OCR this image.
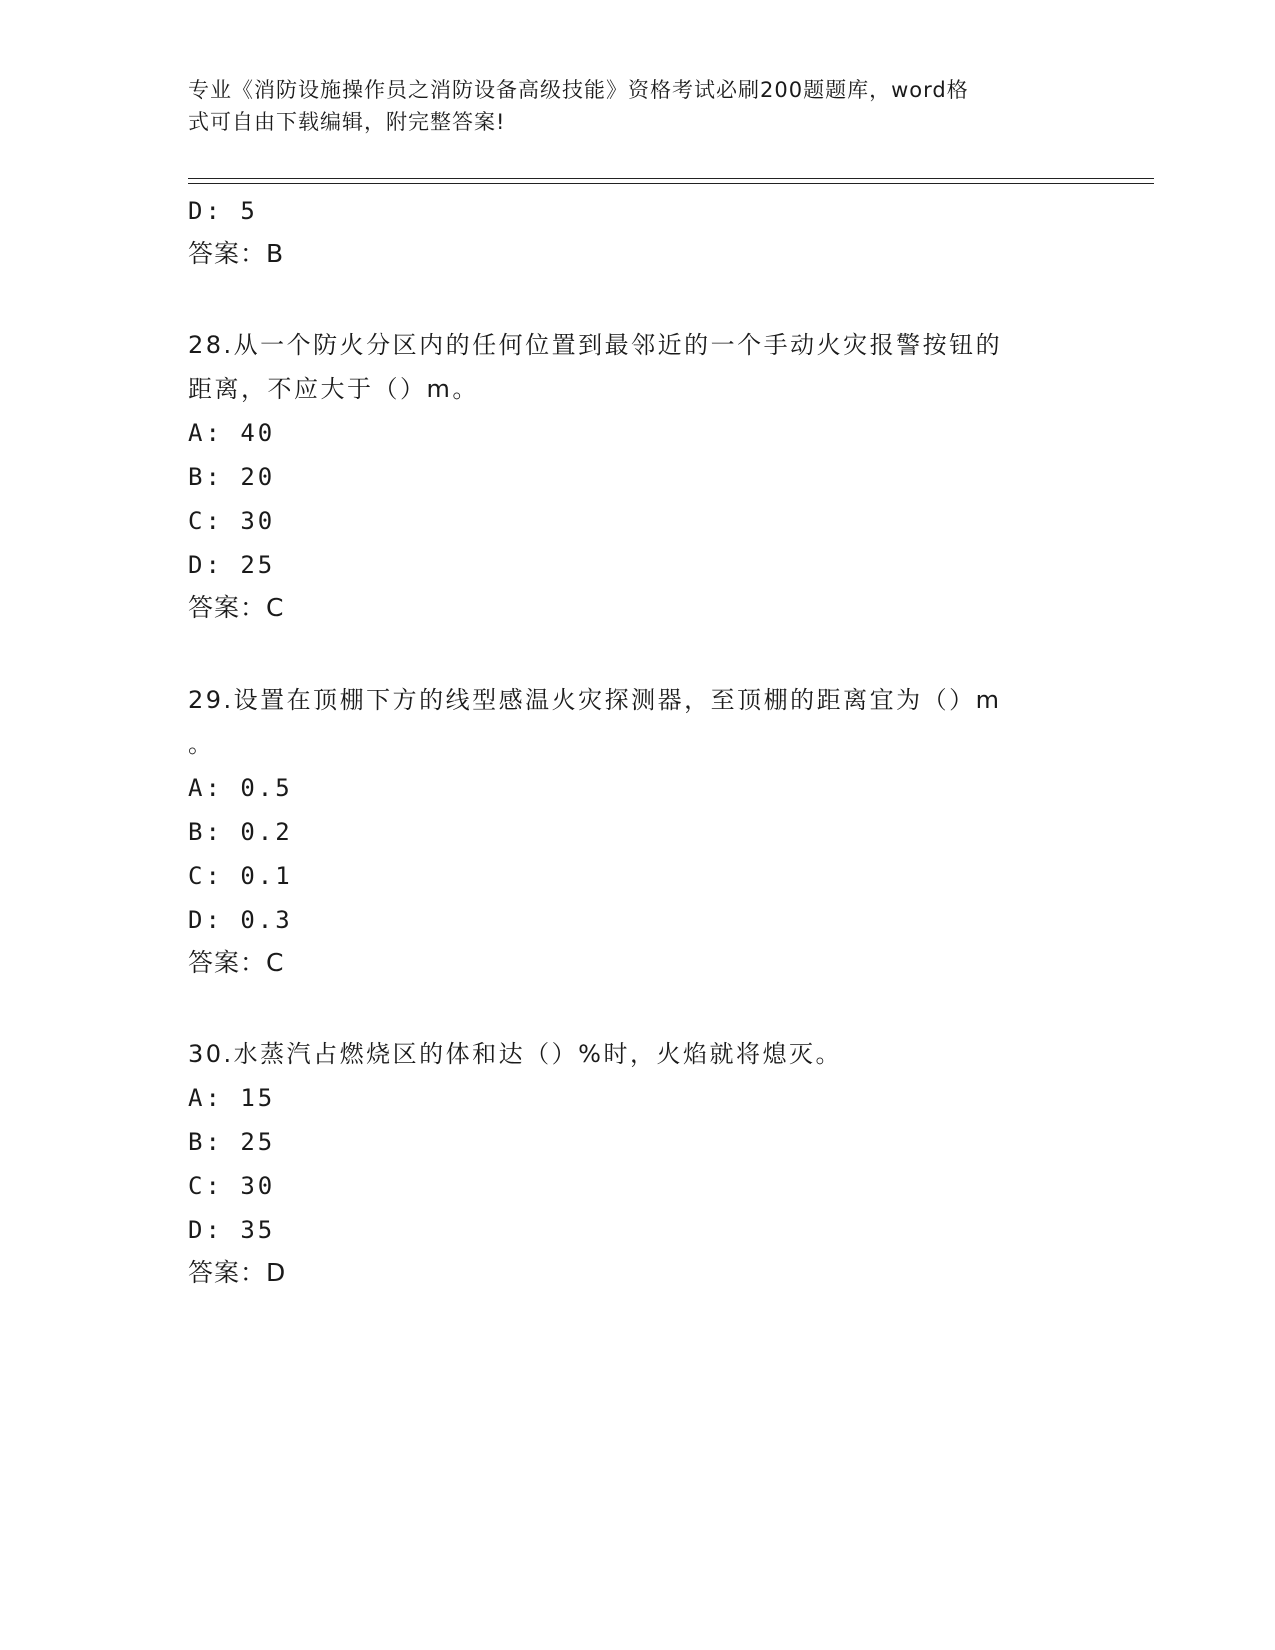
专业《消防设施操作员之消防设备高级技能》资格考试必刷200题题库，word格
式可自由下载编辑，附完整答案!
D: 5
答案：B
28.从一个防火分区内的任何位置到最邻近的一个手动火灾报警按钮的
距离，不应大于（）m。
A: 40
B: 20
C: 30
D: 25
答案：C
29.设置在顶棚下方的线型感温火灾探测器，至顶棚的距离宜为（）m
。
A: 0.5
B: 0.2
C: 0.1
D: 0.3
答案：C
30.水蒸汽占燃烧区的体和达（）%时，火焰就将熄灭。
A: 15
B: 25
C: 30
D: 35
答案：D
